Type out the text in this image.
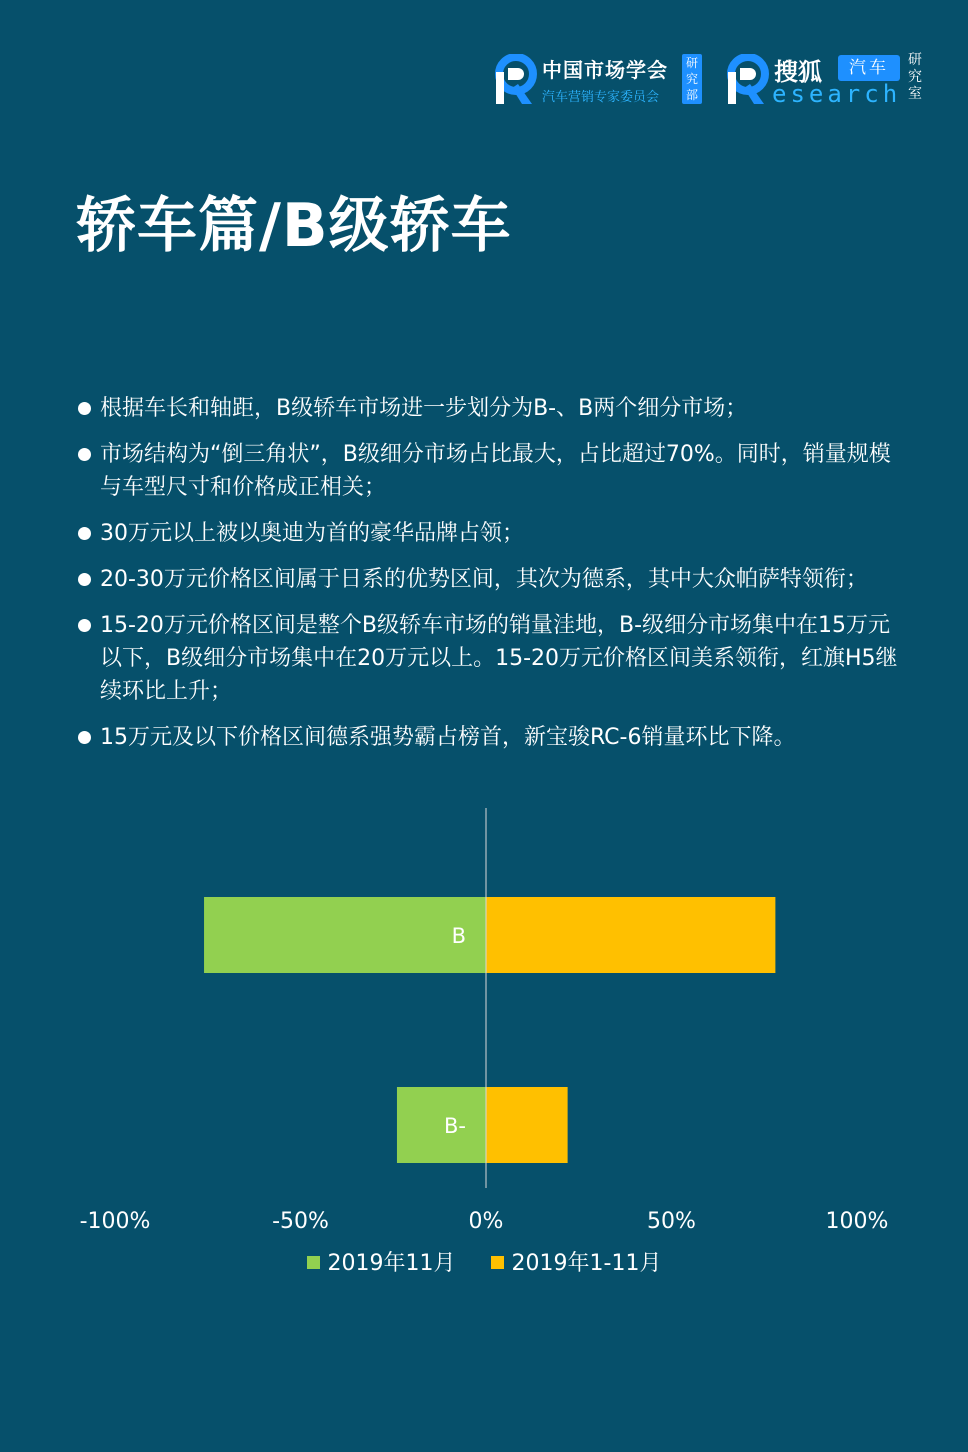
中国市场学会
汽车营销专家委员会
研究部
搜狐	汽车
esearch
研究室
轿车篇/B级轿车
根据车长和轴距，B级轿车市场进一步划分为B-、B两个细分市场；
市场结构为“倒三角状”，B级细分市场占比最大，占比超过70%。同时，销量规模与车型尺寸和价格成正相关；
30万元以上被以奥迪为首的豪华品牌占领；
20-30万元价格区间属于日系的优势区间，其次为德系，其中大众帕萨特领衔；
15-20万元价格区间是整个B级轿车市场的销量洼地，B-级细分市场集中在15万元以下，B级细分市场集中在20万元以上。15-20万元价格区间美系领衔，红旗H5继续环比上升；
15万元及以下价格区间德系强势霸占榜首，新宝骏RC-6销量环比下降。
B
B-
-100%	-50%	0%	50%	100%
2019年11月	2019年1-11月
